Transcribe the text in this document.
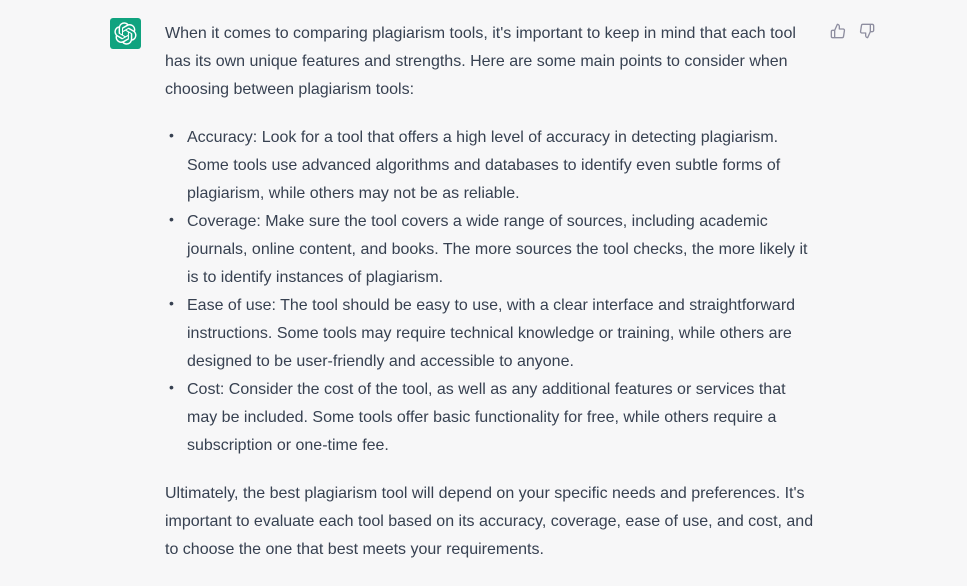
When it comes to comparing plagiarism tools, it's important to keep in mind that each tool has its own unique features and strengths. Here are some main points to consider when choosing between plagiarism tools:

• Accuracy: Look for a tool that offers a high level of accuracy in detecting plagiarism. Some tools use advanced algorithms and databases to identify even subtle forms of plagiarism, while others may not be as reliable.
• Coverage: Make sure the tool covers a wide range of sources, including academic journals, online content, and books. The more sources the tool checks, the more likely it is to identify instances of plagiarism.
• Ease of use: The tool should be easy to use, with a clear interface and straightforward instructions. Some tools may require technical knowledge or training, while others are designed to be user-friendly and accessible to anyone.
• Cost: Consider the cost of the tool, as well as any additional features or services that may be included. Some tools offer basic functionality for free, while others require a subscription or one-time fee.

Ultimately, the best plagiarism tool will depend on your specific needs and preferences. It's important to evaluate each tool based on its accuracy, coverage, ease of use, and cost, and to choose the one that best meets your requirements.
